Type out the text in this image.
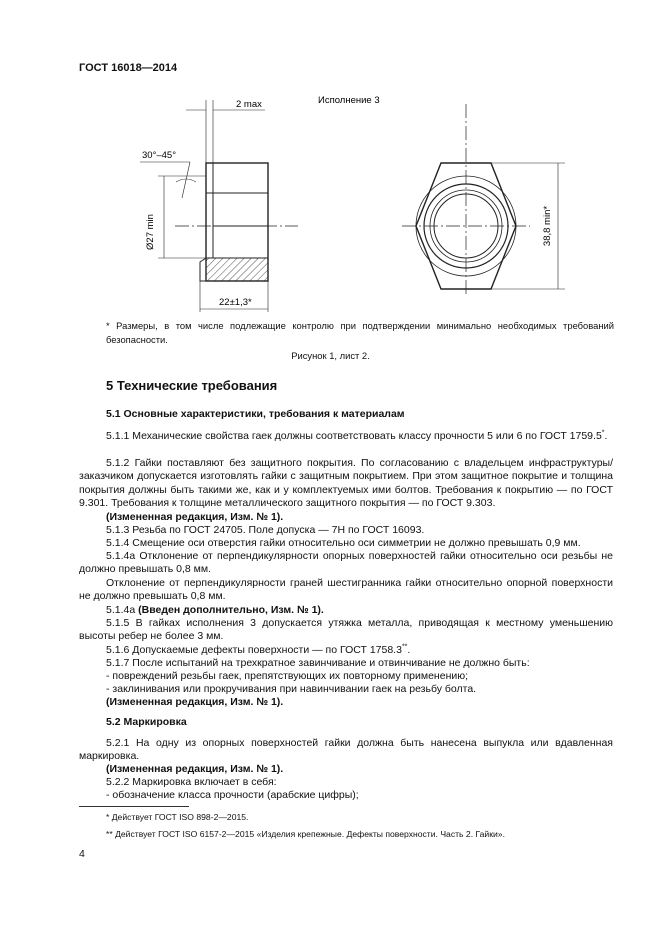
ГОСТ 16018—2014
2 max
30°–45°
Ø27 min
22±1,3*
Исполнение 3
38,8 min*
* Размеры, в том числе подлежащие контролю при подтверждении минимально необходимых требований безопасности.
Рисунок 1, лист 2.
5 Технические требования
5.1 Основные характеристики, требования к материалам
5.1.1 Механические свойства гаек должны соответствовать классу прочности 5 или 6 по ГОСТ 1759.5*.
5.1.2 Гайки поставляют без защитного покрытия. По согласованию с владельцем инфраструктуры/заказчиком допускается изготовлять гайки с защитным покрытием. При этом защитное покрытие и толщина покрытия должны быть такими же, как и у комплектуемых ими болтов. Требования к покрытию — по ГОСТ 9.301. Требования к толщине металлического защитного покрытия — по ГОСТ 9.303.
(Измененная редакция, Изм. № 1).
5.1.3 Резьба по ГОСТ 24705. Поле допуска — 7Н по ГОСТ 16093.
5.1.4 Смещение оси отверстия гайки относительно оси симметрии не должно превышать 0,9 мм.
5.1.4а Отклонение от перпендикулярности опорных поверхностей гайки относительно оси резьбы не должно превышать 0,8 мм.
Отклонение от перпендикулярности граней шестигранника гайки относительно опорной поверхности не должно превышать 0,8 мм.
5.1.4а (Введен дополнительно, Изм. № 1).
5.1.5 В гайках исполнения 3 допускается утяжка металла, приводящая к местному уменьшению высоты ребер не более 3 мм.
5.1.6 Допускаемые дефекты поверхности — по ГОСТ 1758.3**.
5.1.7 После испытаний на трехкратное завинчивание и отвинчивание не должно быть:
- повреждений резьбы гаек, препятствующих их повторному применению;
- заклинивания или прокручивания при навинчивании гаек на резьбу болта.
(Измененная редакция, Изм. № 1).
5.2 Маркировка
5.2.1 На одну из опорных поверхностей гайки должна быть нанесена выпукла или вдавленная маркировка.
(Измененная редакция, Изм. № 1).
5.2.2 Маркировка включает в себя:
- обозначение класса прочности (арабские цифры);
* Действует ГОСТ ISO 898-2—2015.
** Действует ГОСТ ISO 6157-2—2015 «Изделия крепежные. Дефекты поверхности. Часть 2. Гайки».
4
